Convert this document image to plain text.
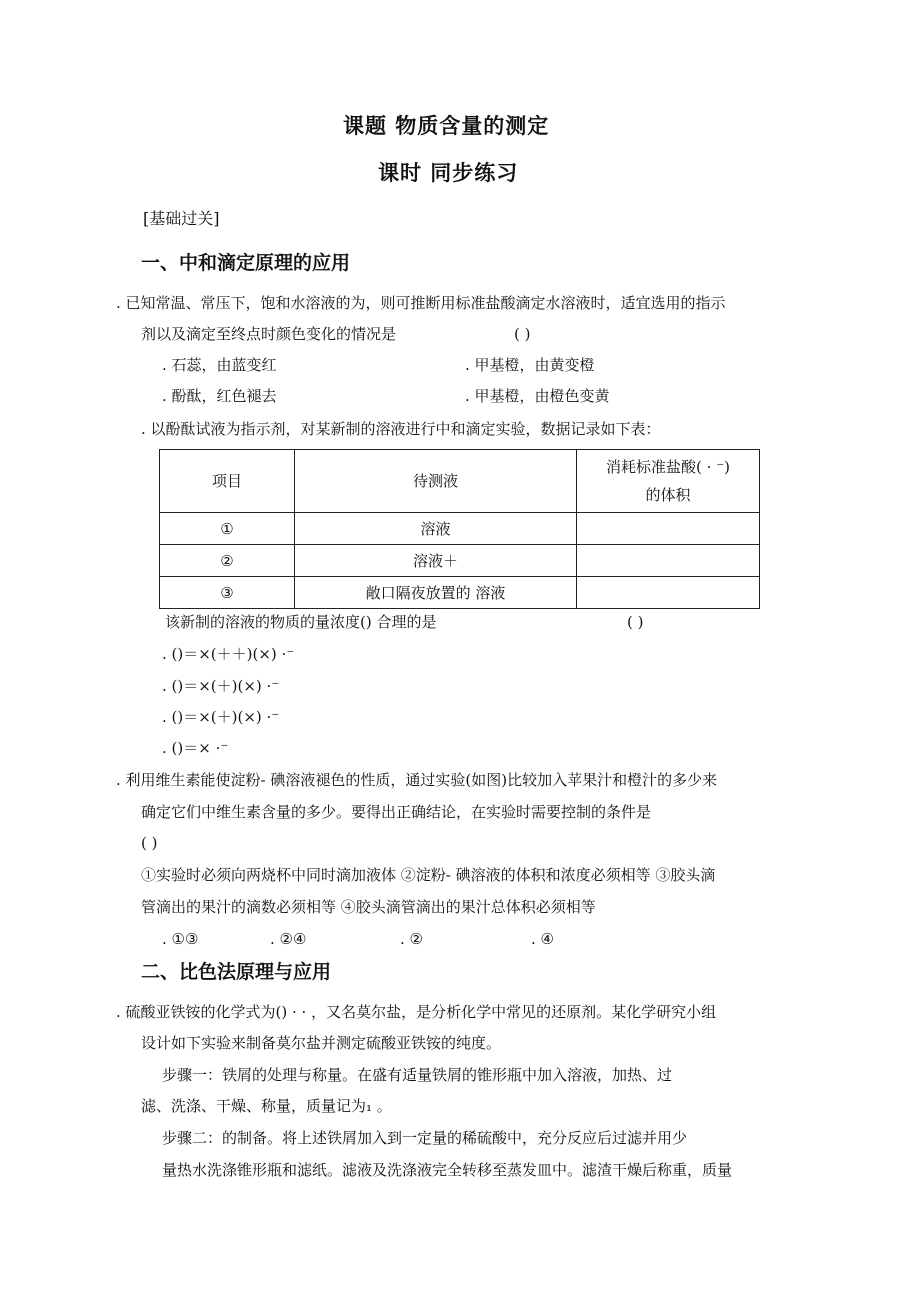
课题 物质含量的测定
课时 同步练习
[基础过关]
一、中和滴定原理的应用
. 已知常温、常压下，饱和水溶液的为，则可推断用标准盐酸滴定水溶液时，适宜选用的指示
剂以及滴定至终点时颜色变化的情况是	( )
. 石蕊，由蓝变红	. 甲基橙，由黄变橙
. 酚酞，红色褪去	. 甲基橙，由橙色变黄
. 以酚酞试液为指示剂，对某新制的溶液进行中和滴定实验，数据记录如下表：
项目	待测液	消耗标准盐酸( · ⁻)
的体积

①	溶液	
②	溶液＋	
③	敞口隔夜放置的 溶液	
该新制的溶液的物质的量浓度() 合理的是	( )
. ()＝×(＋＋)(×) ·⁻
. ()＝×(＋)(×) ·⁻
. ()＝×(＋)(×) ·⁻
. ()＝× ·⁻
. 利用维生素能使淀粉- 碘溶液褪色的性质，通过实验(如图)比较加入苹果汁和橙汁的多少来
确定它们中维生素含量的多少。要得出正确结论，在实验时需要控制的条件是
( )
①实验时必须向两烧杯中同时滴加液体 ②淀粉- 碘溶液的体积和浓度必须相等 ③胶头滴
管滴出的果汁的滴数必须相等 ④胶头滴管滴出的果汁总体积必须相等
. ①③	. ②④	. ②	. ④
二、比色法原理与应用
. 硫酸亚铁铵的化学式为() · · ，又名莫尔盐，是分析化学中常见的还原剂。某化学研究小组
设计如下实验来制备莫尔盐并测定硫酸亚铁铵的纯度。
步骤一：铁屑的处理与称量。在盛有适量铁屑的锥形瓶中加入溶液，加热、过
滤、洗涤、干燥、称量，质量记为₁ 。
步骤二：的制备。将上述铁屑加入到一定量的稀硫酸中，充分反应后过滤并用少
量热水洗涤锥形瓶和滤纸。滤液及洗涤液完全转移至蒸发皿中。滤渣干燥后称重，质量
